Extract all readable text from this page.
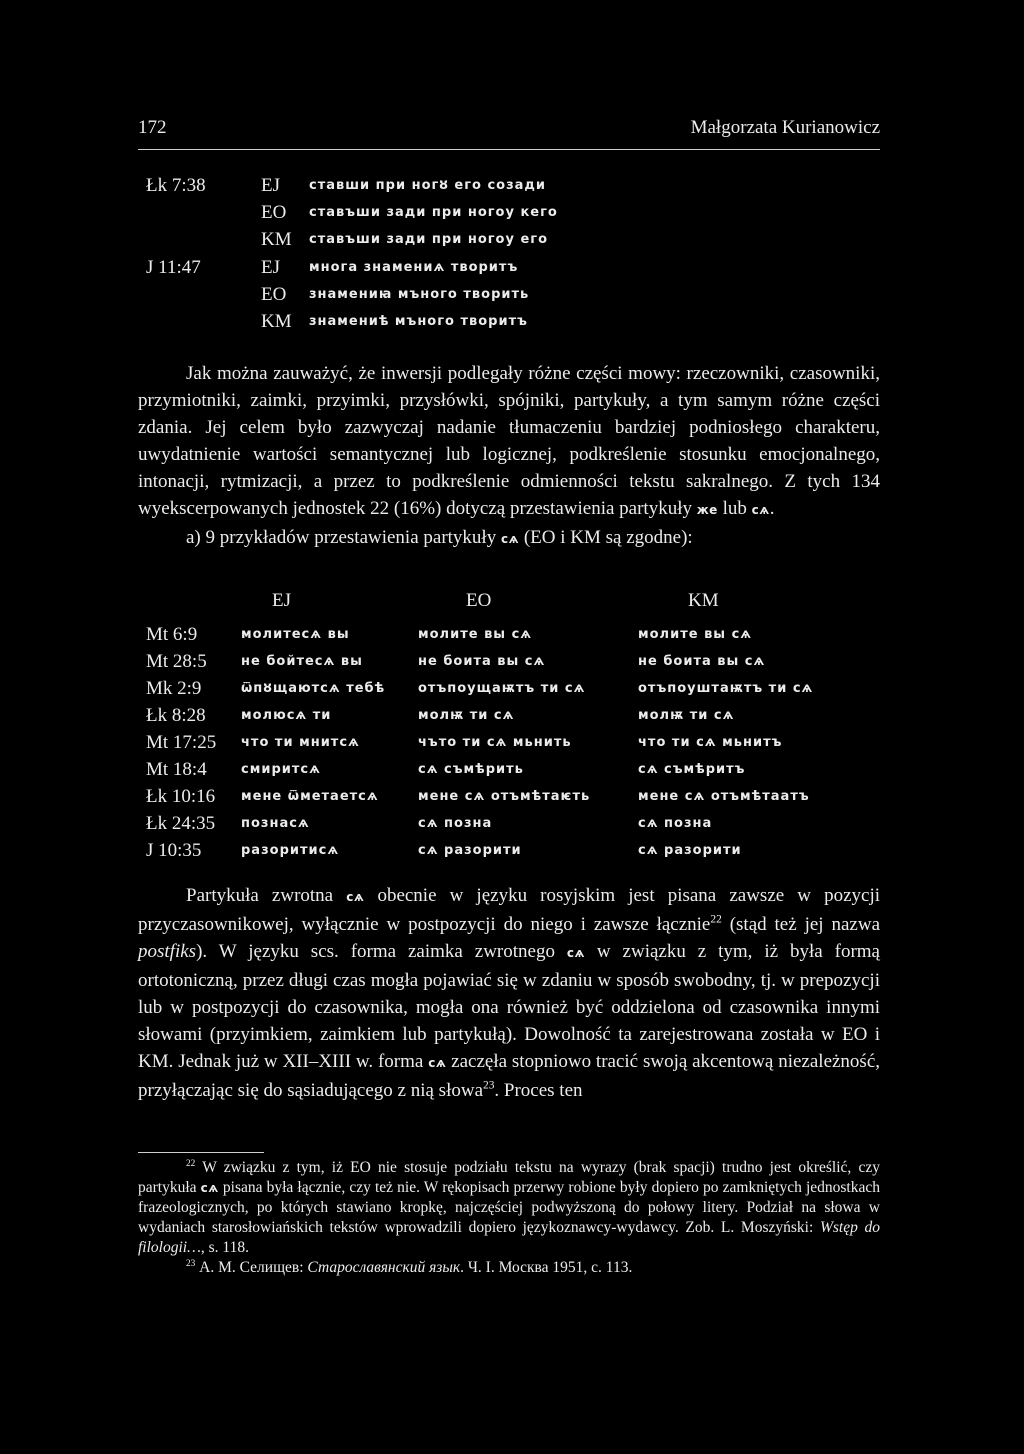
172	Małgorzata Kurianowicz
Łk 7:38	EJ	ставши при ногȣ его созади
EO	ставъши зади при ногоу кего
KM	ставъши зади при ногоу его
J 11:47	EJ	многа знамениѧ творитъ
EO	знамениꙗ мъного творить
KM	знамениѣ мъного творитъ

Jak można zauważyć, że inwersji podlegały różne części mowy: rzeczowniki, czasowniki, przymiotniki, zaimki, przyimki, przysłówki, spójniki, partykuły, a tym samym różne części zdania. Jej celem było zazwyczaj nadanie tłumaczeniu bardziej podniosłego charakteru, uwydatnienie wartości semantycznej lub logicznej, podkreślenie stosunku emocjonalnego, intonacji, rytmizacji, a przez to podkreślenie odmienności tekstu sakralnego. Z tych 134 wyekscerpowanych jednostek 22 (16%) dotyczą przestawienia partykuły же lub сѧ.

a) 9 przykładów przestawienia partykuły сѧ (EO i KM są zgodne):

EJ	EO	KM
Mt 6:9	молитесѧ вы	молите вы сѧ	молите вы сѧ
Mt 28:5	не бойтесѧ вы	не боита вы сѧ	не боита вы сѧ
Mk 2:9	ѿпȣщаютсѧ тебѣ	отъпоущаѭтъ ти сѧ	отъпоуштаѭтъ ти сѧ
Łk 8:28	молюсѧ ти	молѭ ти сѧ	молѭ ти сѧ
Mt 17:25 что ти мнитсѧ	чъто ти сѧ мьнить	что ти сѧ мьнитъ
Mt 18:4	смиритсѧ	сѧ съмѣрить	сѧ съмѣритъ
Łk 10:16 мене ѿметаетсѧ	мене сѧ отъмѣтаѥть	мене сѧ отъмѣтаатъ
Łk 24:35 познасѧ	сѧ позна	сѧ позна
J 10:35	разоритисѧ	сѧ разорити	сѧ разорити

Partykuła zwrotna сѧ obecnie w języku rosyjskim jest pisana zawsze w pozycji przyczasownikowej, wyłącznie w postpozycji do niego i zawsze łącznie$^{22}$ (stąd też jej nazwa postfiks). W języku scs. forma zaimka zwrotnego сѧ w związku z tym, iż była formą ortotoniczną, przez długi czas mogła pojawiać się w zdaniu w sposób swobodny, tj. w prepozycji lub w postpozycji do czasownika, mogła ona również być oddzielona od czasownika innymi słowami (przyimkiem, zaimkiem lub partykułą). Dowolność ta zarejestrowana została w EO i KM. Jednak już w XII–XIII w. forma сѧ zaczęła stopniowo tracić swoją akcentową niezależność, przyłączając się do sąsiadującego z nią słowa$^{23}$. Proces ten

$^{22}$ W związku z tym, iż EO nie stosuje podziału tekstu na wyrazy (brak spacji) trudno jest określić, czy partykuła сѧ pisana była łącznie, czy też nie. W rękopisach przerwy robione były dopiero po zamkniętych jednostkach frazeologicznych, po których stawiano kropkę, najczęściej podwyższoną do połowy litery. Podział na słowa w wydaniach starosłowiańskich tekstów wprowadzili dopiero językoznawcy-wydawcy. Zob. L. Moszyński: Wstęp do filologii…, s. 118.

$^{23}$ А. М. Селищев: Старославянский язык. Ч. I. Москва 1951, с. 113.
